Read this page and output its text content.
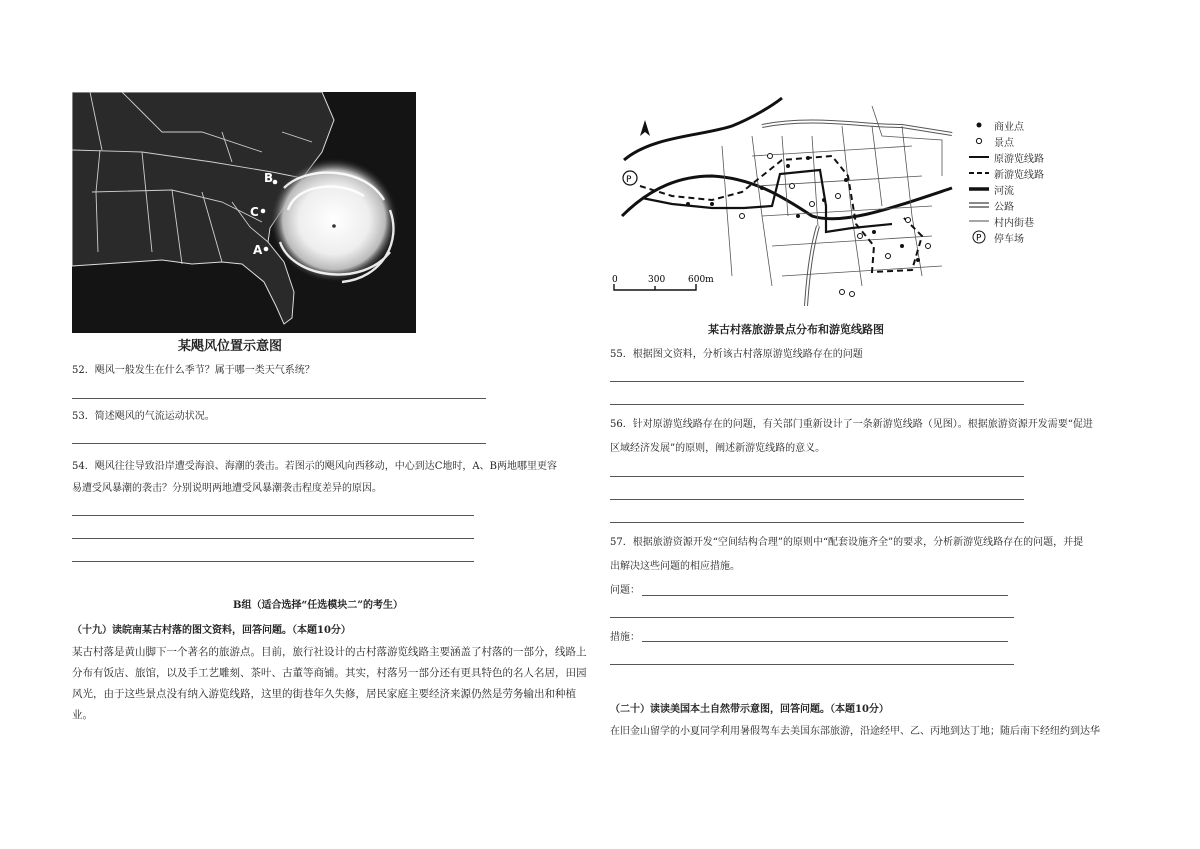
B
C
A
某飓风位置示意图
52．飓风一般发生在什么季节？属于哪一类天气系统？
53．简述飓风的气流运动状况。
54．飓风往往导致沿岸遭受海浪、海潮的袭击。若图示的飓风向西移动，中心到达C地时，A、B两地哪里更容
易遭受风暴潮的袭击？分别说明两地遭受风暴潮袭击程度差异的原因。
B组（适合选择“任选模块二”的考生）
（十九）读皖南某古村落的图文资料，回答问题。（本题10分）
某古村落是黄山脚下一个著名的旅游点。目前，旅行社设计的古村落游览线路主要涵盖了村落的一部分，线路上
分布有饭店、旅馆，以及手工艺雕刻、茶叶、古董等商铺。其实，村落另一部分还有更具特色的名人名居，田园
风光，由于这些景点没有纳入游览线路，这里的街巷年久失修，居民家庭主要经济来源仍然是劳务输出和种植业。
P
0	300	600m
商业点
景点
原游览线路
新游览线路
河流
公路
村内街巷
P 停车场
某古村落旅游景点分布和游览线路图
55．根据图文资料，分析该古村落原游览线路存在的问题
56．针对原游览线路存在的问题，有关部门重新设计了一条新游览线路（见图）。根据旅游资源开发需要“促进
区域经济发展”的原则，阐述新游览线路的意义。
57．根据旅游资源开发“空间结构合理”的原则中“配套设施齐全”的要求，分析新游览线路存在的问题，并提
出解决这些问题的相应措施。
问题：
措施：
（二十）读读美国本土自然带示意图，回答问题。（本题10分）
在旧金山留学的小夏同学利用暑假驾车去美国东部旅游，沿途经甲、乙、丙地到达丁地；随后南下经纽约到达华
